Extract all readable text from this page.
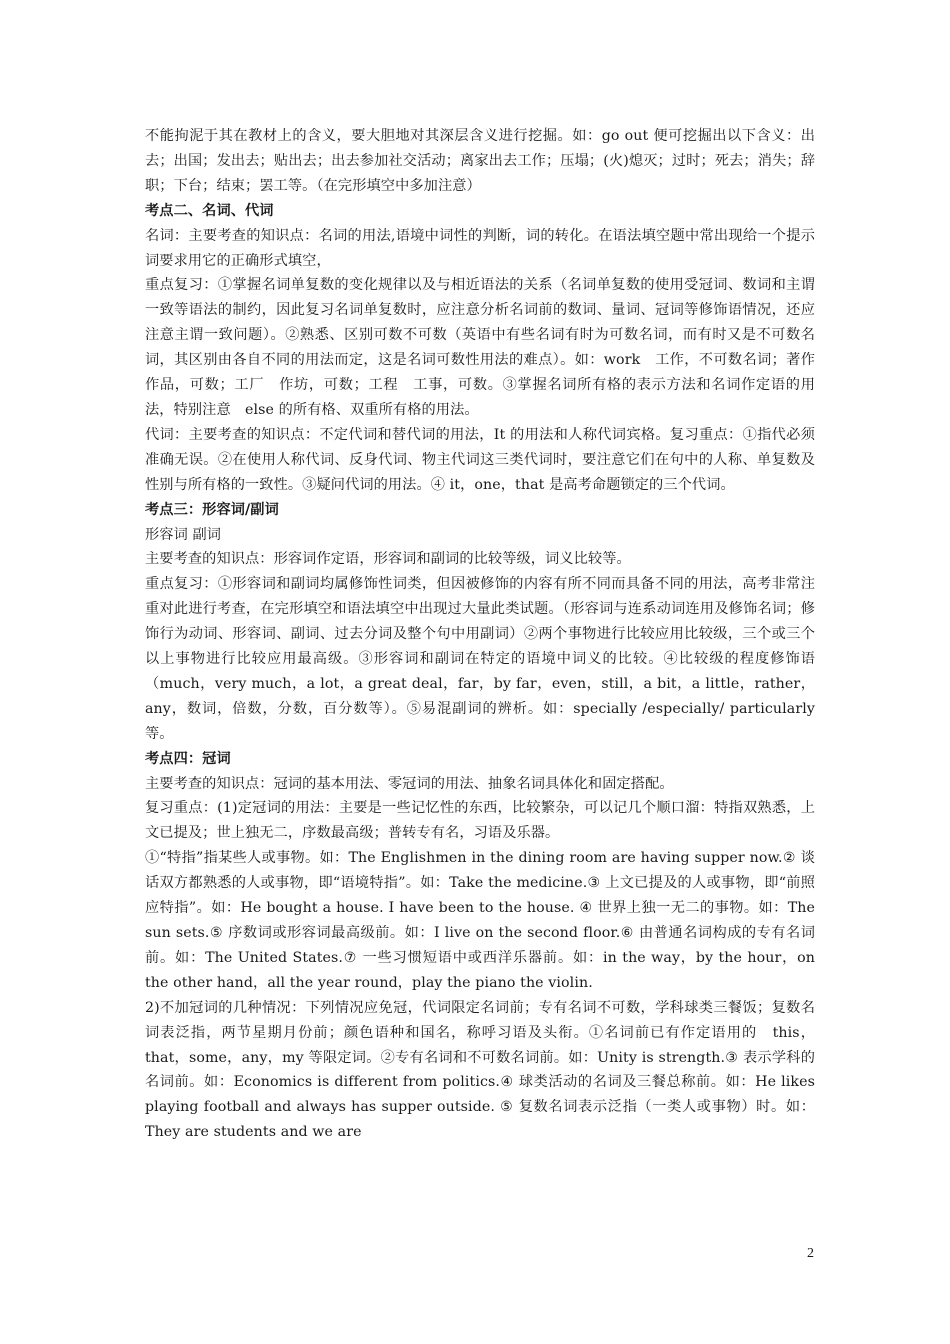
不能拘泥于其在教材上的含义，要大胆地对其深层含义进行挖掘。如：go out 便可挖掘出以下含义：出去；出国；发出去；贴出去；出去参加社交活动；离家出去工作；压塌；(火)熄灭；过时；死去；消失；辞职；下台；结束；罢工等。（在完形填空中多加注意）

考点二、名词、代词

名词：主要考查的知识点：名词的用法,语境中词性的判断，词的转化。在语法填空题中常出现给一个提示词要求用它的正确形式填空，

重点复习：①掌握名词单复数的变化规律以及与相近语法的关系（名词单复数的使用受冠词、数词和主谓一致等语法的制约，因此复习名词单复数时，应注意分析名词前的数词、量词、冠词等修饰语情况，还应注意主谓一致问题）。②熟悉、区别可数不可数（英语中有些名词有时为可数名词，而有时又是不可数名词，其区别由各自不同的用法而定，这是名词可数性用法的难点）。如：work　工作，不可数名词；著作　作品，可数；工厂　作坊，可数；工程　工事，可数。③掌握名词所有格的表示方法和名词作定语的用法，特别注意　else 的所有格、双重所有格的用法。

代词：主要考查的知识点：不定代词和替代词的用法，It 的用法和人称代词宾格。复习重点：①指代必须准确无误。②在使用人称代词、反身代词、物主代词这三类代词时，要注意它们在句中的人称、单复数及性别与所有格的一致性。③疑问代词的用法。④ it，one，that 是高考命题锁定的三个代词。

考点三：形容词/副词

形容词 副词

主要考查的知识点：形容词作定语，形容词和副词的比较等级，词义比较等。

重点复习：①形容词和副词均属修饰性词类，但因被修饰的内容有所不同而具备不同的用法，高考非常注重对此进行考查，在完形填空和语法填空中出现过大量此类试题。（形容词与连系动词连用及修饰名词；修饰行为动词、形容词、副词、过去分词及整个句中用副词）②两个事物进行比较应用比较级，三个或三个以上事物进行比较应用最高级。③形容词和副词在特定的语境中词义的比较。④比较级的程度修饰语（much，very much，a lot，a great deal，far，by far，even，still，a bit，a little，rather，any，数词，倍数，分数，百分数等）。⑤易混副词的辨析。如：specially /especially/ particularly 等。

考点四：冠词

主要考查的知识点：冠词的基本用法、零冠词的用法、抽象名词具体化和固定搭配。

复习重点：(1)定冠词的用法：主要是一些记忆性的东西，比较繁杂，可以记几个顺口溜：特指双熟悉，上文已提及；世上独无二，序数最高级；普转专有名，习语及乐器。

①“特指”指某些人或事物。如：The Englishmen in the dining room are having supper now.② 谈话双方都熟悉的人或事物，即“语境特指”。如：Take the medicine.③ 上文已提及的人或事物，即“前照应特指”。如：He bought a house. I have been to the house. ④ 世界上独一无二的事物。如：The sun sets.⑤ 序数词或形容词最高级前。如：I live on the second floor.⑥ 由普通名词构成的专有名词前。如：The United States.⑦ 一些习惯短语中或西洋乐器前。如：in the way，by the hour，on the other hand，all the year round，play the piano the violin.

2)不加冠词的几种情况：下列情况应免冠，代词限定名词前；专有名词不可数，学科球类三餐饭；复数名词表泛指，两节星期月份前；颜色语种和国名，称呼习语及头衔。①名词前已有作定语用的　this，that，some，any，my 等限定词。②专有名词和不可数名词前。如：Unity is strength.③ 表示学科的名词前。如：Economics is different from politics.④ 球类活动的名词及三餐总称前。如：He likes playing football and always has supper outside. ⑤ 复数名词表示泛指（一类人或事物）时。如：They are students and we are

2
